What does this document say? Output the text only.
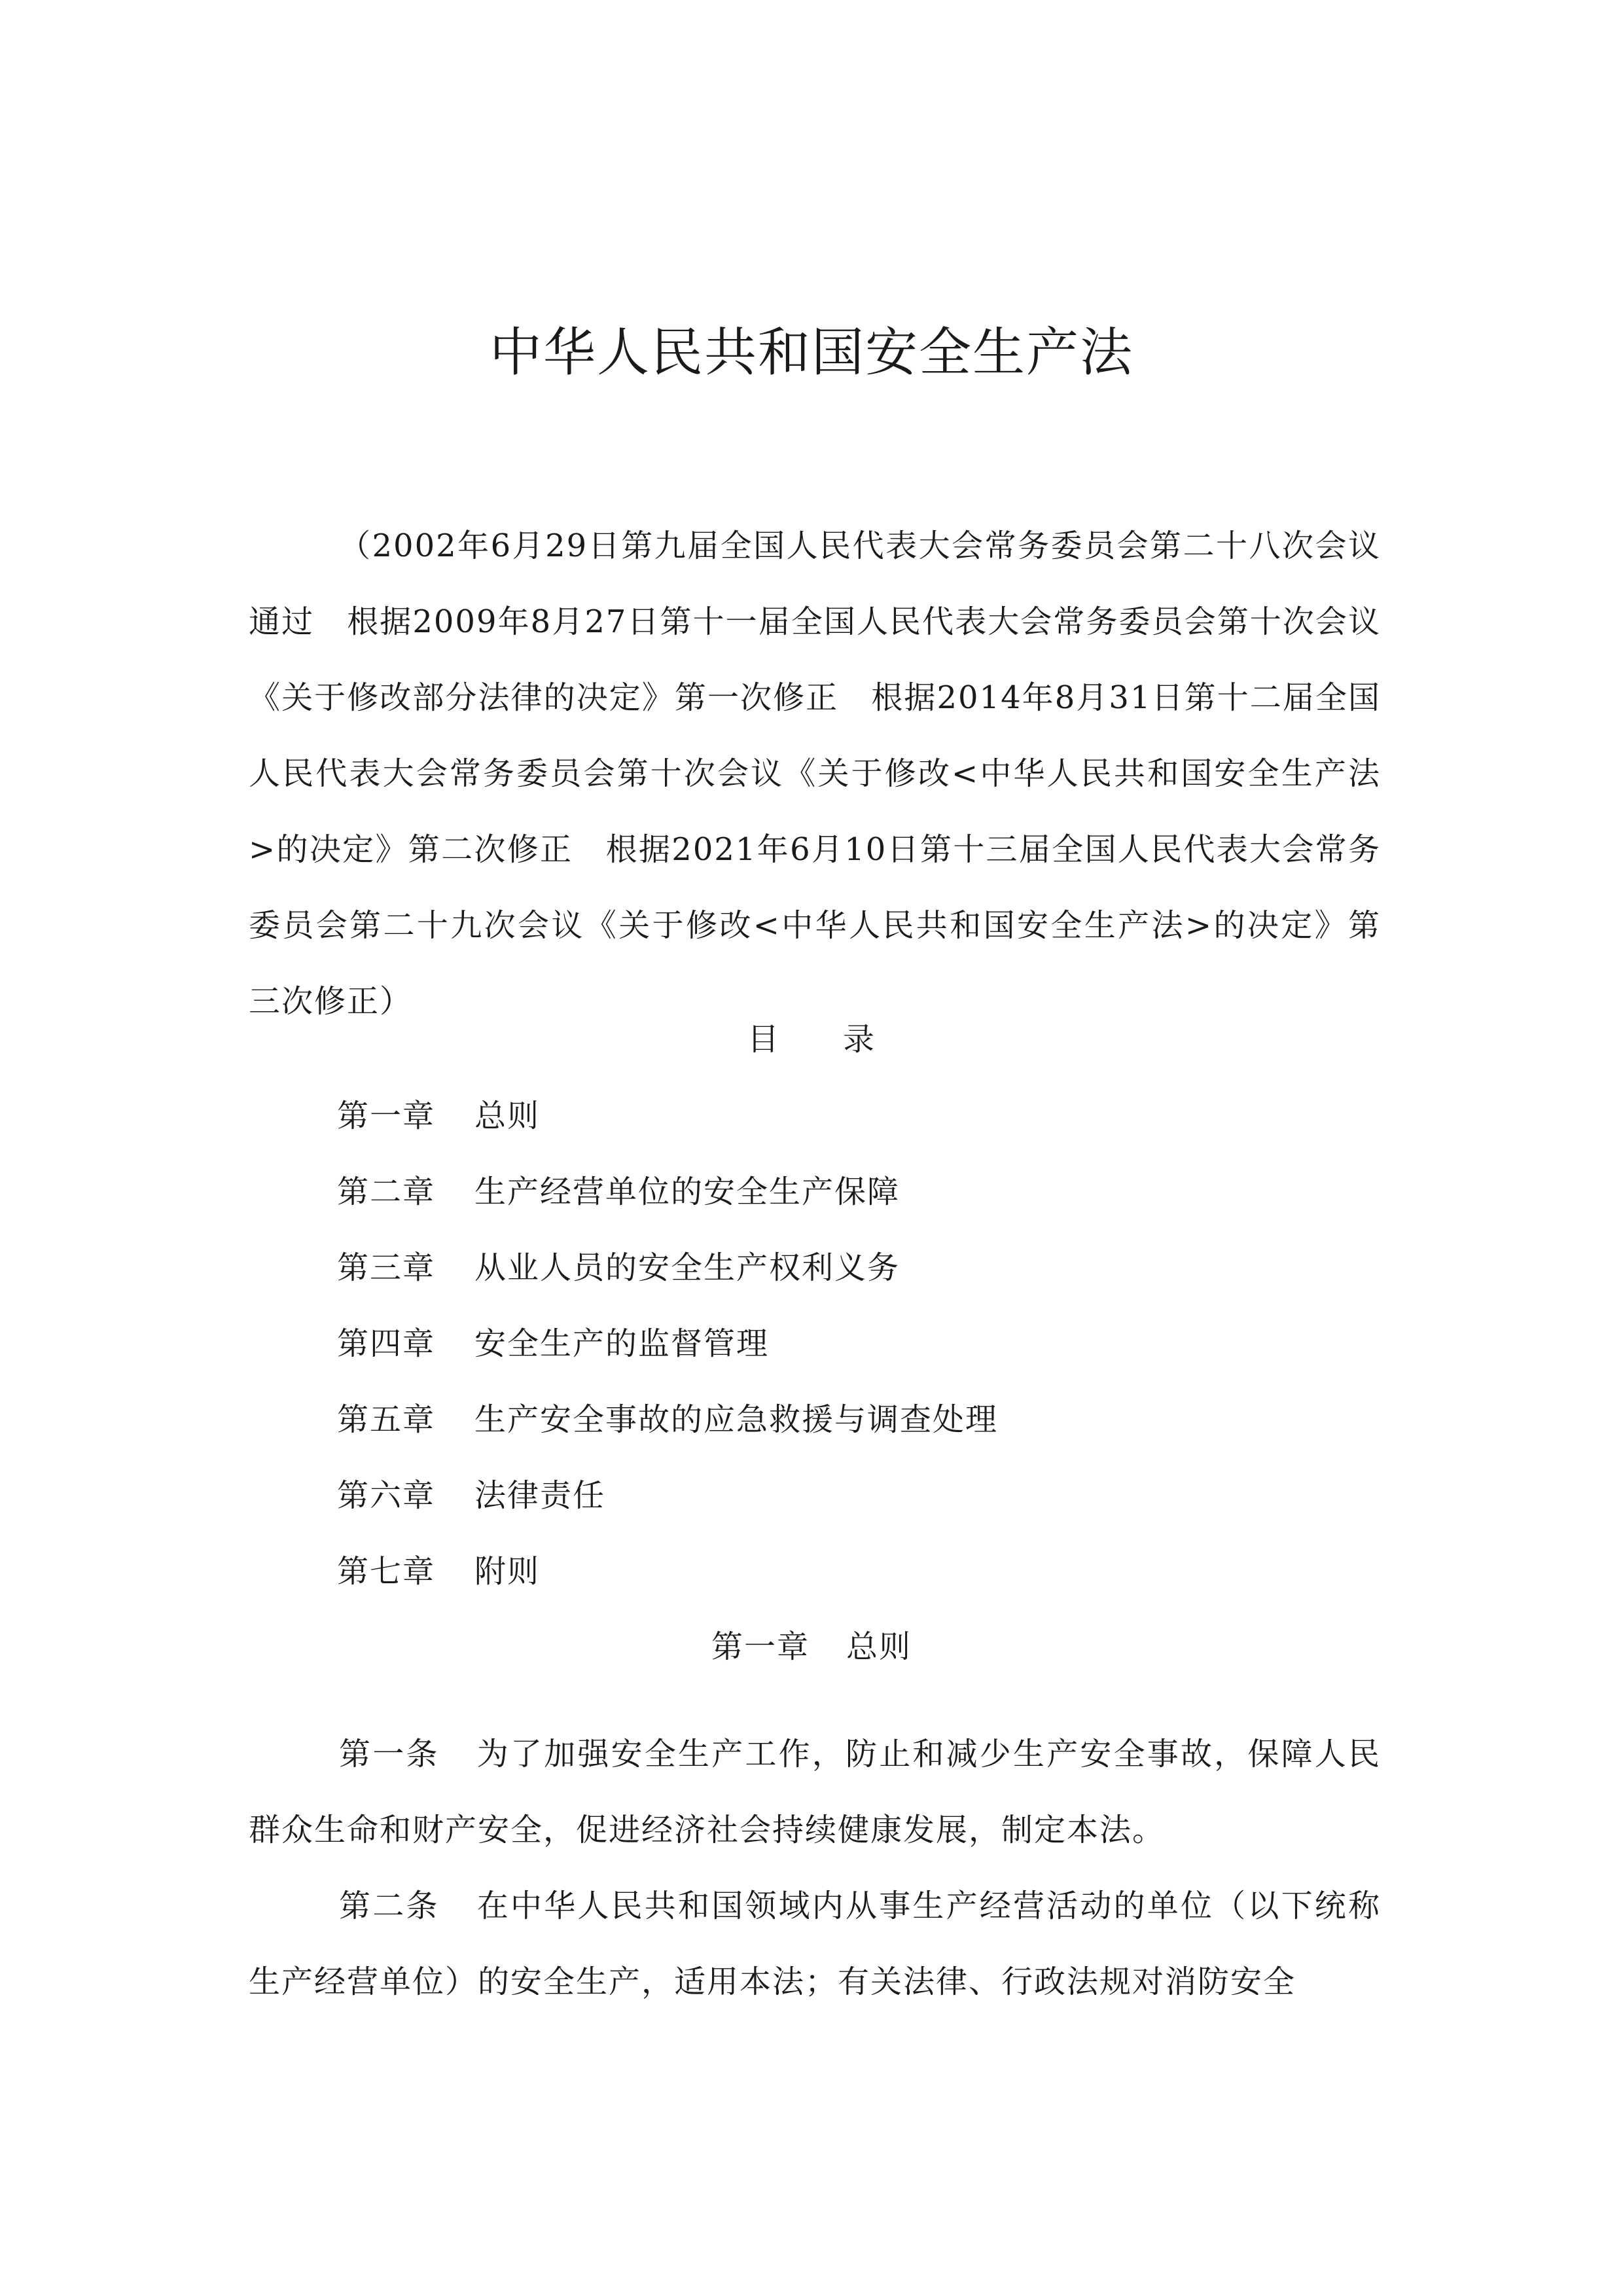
中华人民共和国安全生产法

（2002年6月29日第九届全国人民代表大会常务委员会第二十八次会议通过　根据2009年8月27日第十一届全国人民代表大会常务委员会第十次会议《关于修改部分法律的决定》第一次修正　根据2014年8月31日第十二届全国人民代表大会常务委员会第十次会议《关于修改<中华人民共和国安全生产法>的决定》第二次修正　根据2021年6月10日第十三届全国人民代表大会常务委员会第二十九次会议《关于修改<中华人民共和国安全生产法>的决定》第三次修正）

目 录
第一章 总则
第二章 生产经营单位的安全生产保障
第三章 从业人员的安全生产权利义务
第四章 安全生产的监督管理
第五章 生产安全事故的应急救援与调查处理
第六章 法律责任
第七章 附则
第一章 总则

第一条 为了加强安全生产工作，防止和减少生产安全事故，保障人民群众生命和财产安全，促进经济社会持续健康发展，制定本法。

第二条 在中华人民共和国领域内从事生产经营活动的单位（以下统称生产经营单位）的安全生产，适用本法；有关法律、行政法规对消防安全
